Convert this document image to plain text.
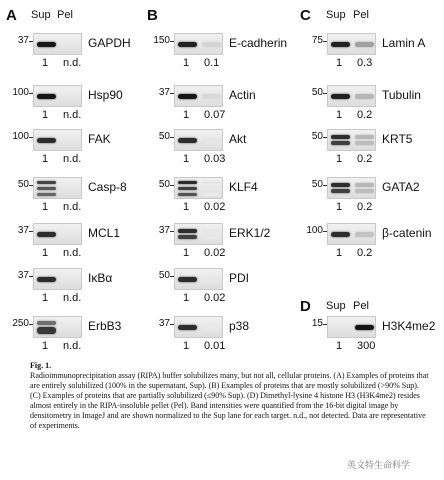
A Sup Pel
37	GAPDH
1 n.d.
100	Hsp90
1 n.d.
100	FAK
1 n.d.
50	Casp-8
1 n.d.
37	MCL1
1 n.d.
37	IκBα
1 n.d.
250	ErbB3
1 n.d.
B
150	E-cadherin
1 0.1
37	Actin
1 0.07
50	Akt
1 0.03
50	KLF4
1 0.02
37	ERK1/2
1 0.02
50	PDI
1 0.02
37	p38
1 0.01
C Sup Pel
75	Lamin A
1 0.3
50	Tubulin
1 0.2
50	KRT5
1 0.2
50	GATA2
1 0.2
100	β-catenin
1 0.2
D Sup Pel
15	H3K4me2
1 300
Fig. 1.
Radioimmunoprecipitation assay (RIPA) buffer solubilizes many, but not all, cellular proteins. (A) Examples of proteins that are entirely solubilized (100% in the supernatant, Sup). (B) Examples of proteins that are mostly solubilized (>90% Sup). (C) Examples of proteins that are partially solubilized (≤90% Sup). (D) Dimethyl-lysine 4 histone H3 (H3K4me2) resides almost entirely in the RIPA-insoluble pellet (Pel). Band intensities were quantified from the 16-bit digital image by densitometry in ImageJ and are shown normalized to the Sup lane for each target. n.d., not detected. Data are representative of experiments.
英文特生命科学
